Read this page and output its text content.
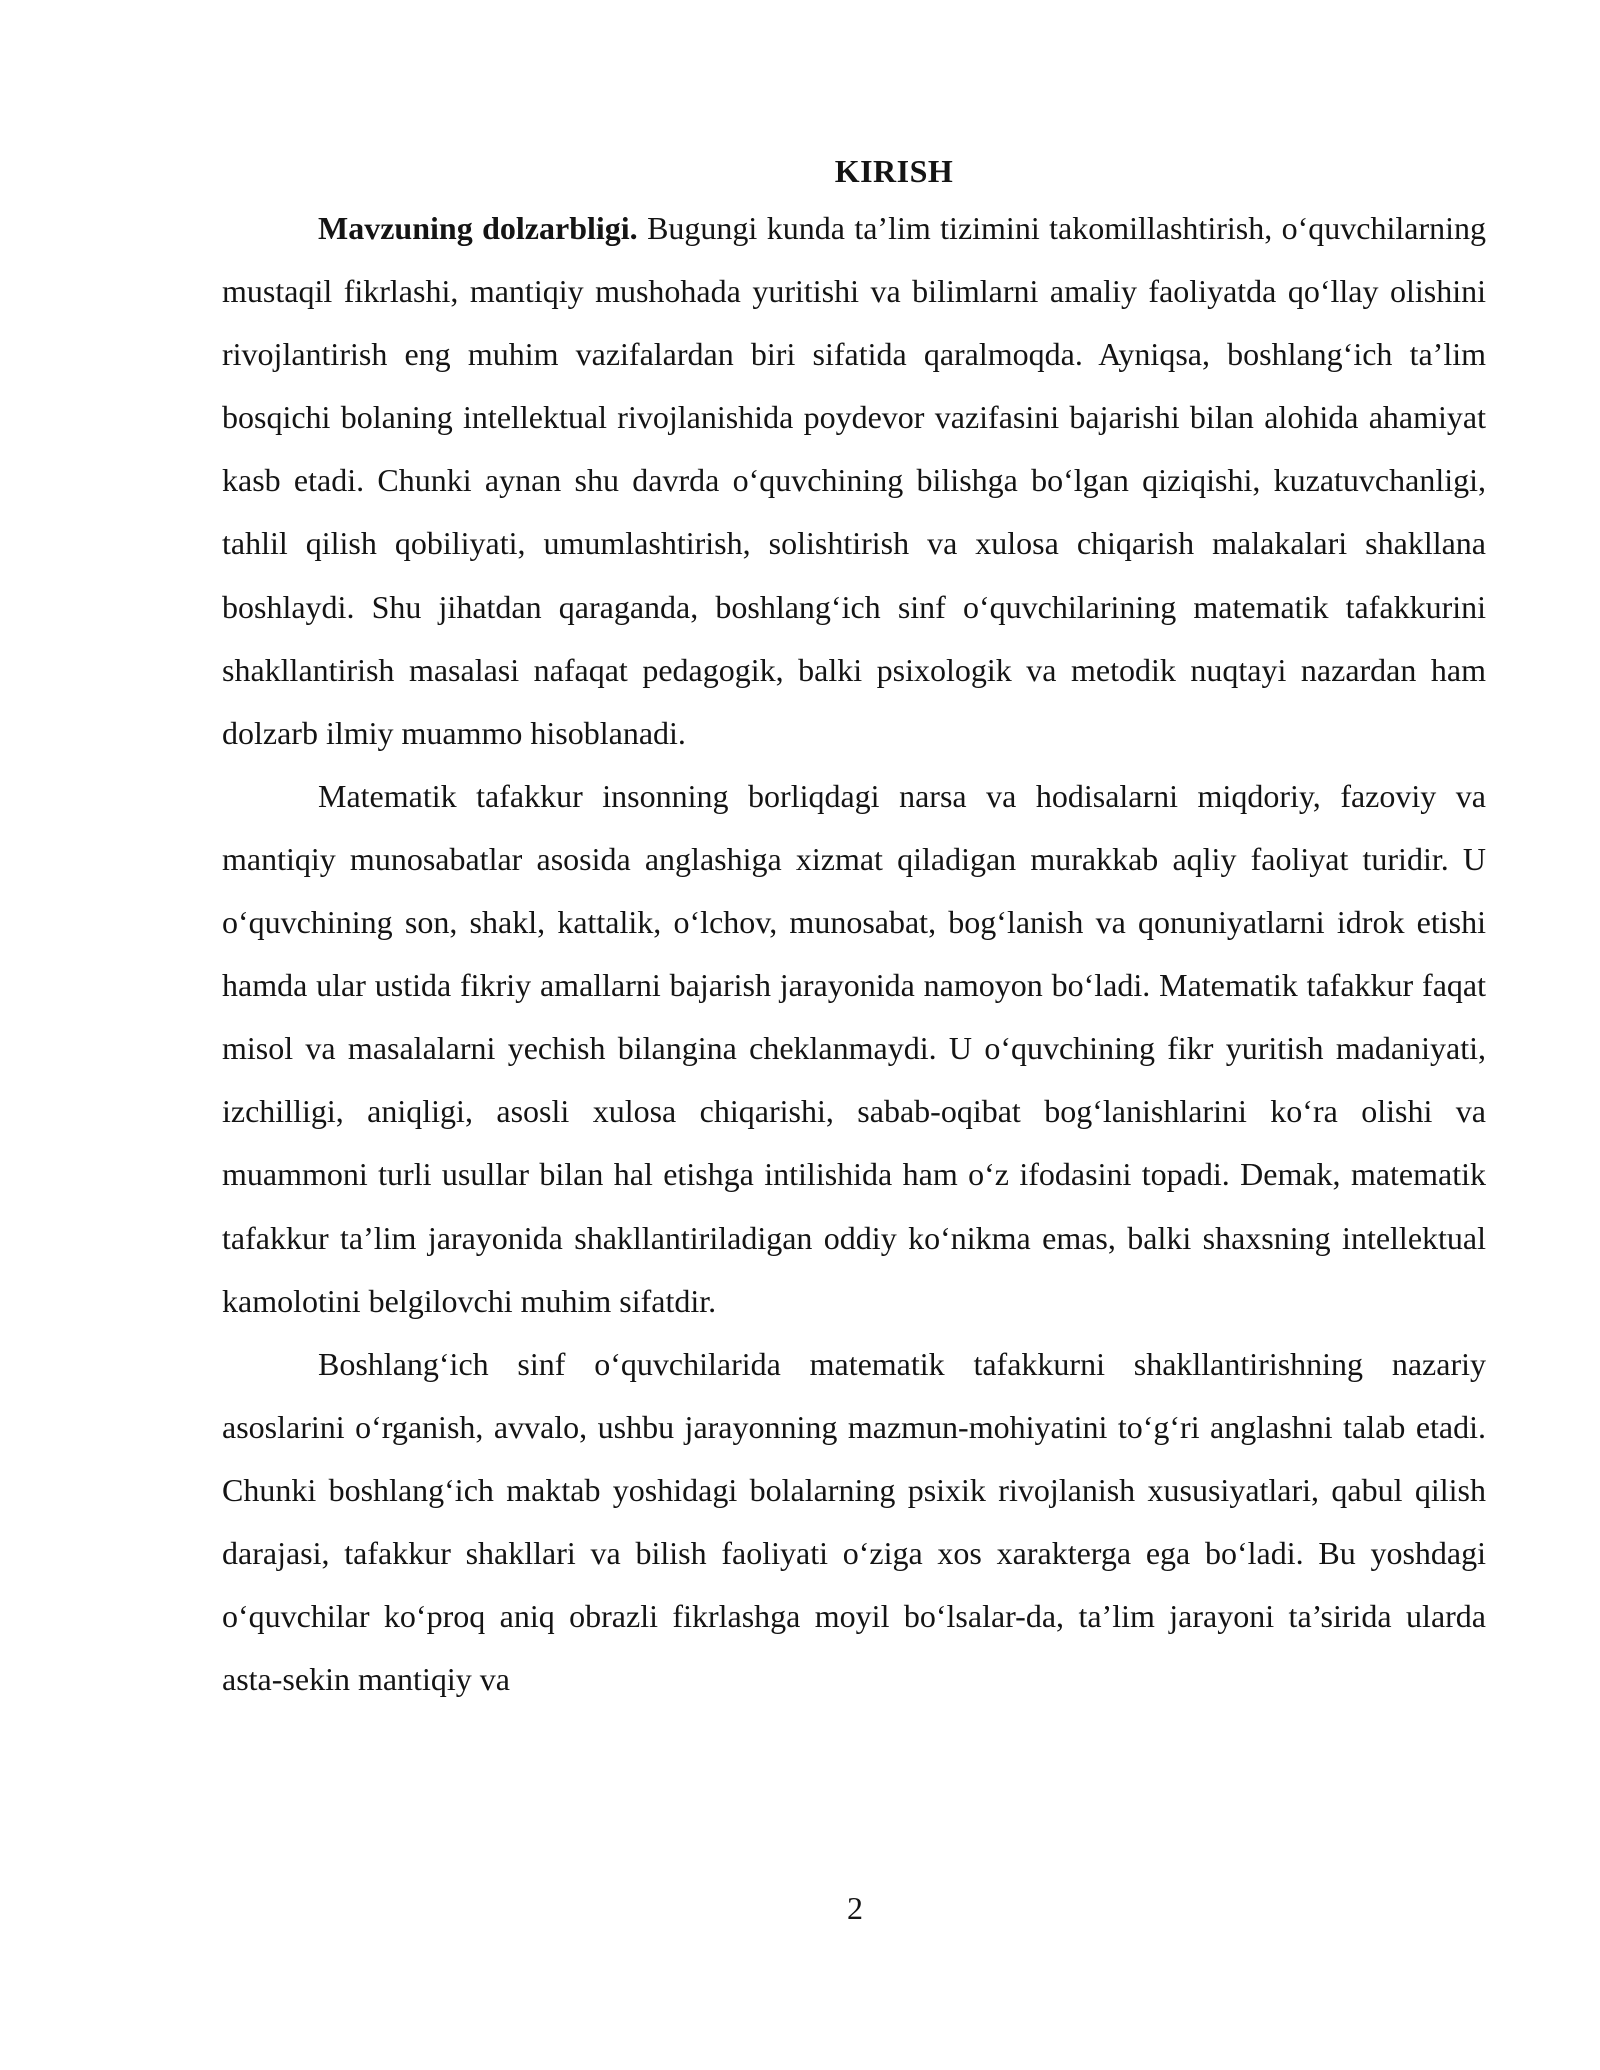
KIRISH

Mavzuning dolzarbligi. Bugungi kunda ta’lim tizimini takomillashtirish, o‘quvchilarning mustaqil fikrlashi, mantiqiy mushohada yuritishi va bilimlarni amaliy faoliyatda qo‘llay olishini rivojlantirish eng muhim vazifalardan biri sifatida qaralmoqda. Ayniqsa, boshlang‘ich ta’lim bosqichi bolaning intellektual rivojlanishida poydevor vazifasini bajarishi bilan alohida ahamiyat kasb etadi. Chunki aynan shu davrda o‘quvchining bilishga bo‘lgan qiziqishi, kuzatuvchanligi, tahlil qilish qobiliyati, umumlashtirish, solishtirish va xulosa chiqarish malakalari shakllana boshlaydi. Shu jihatdan qaraganda, boshlang‘ich sinf o‘quvchilarining matematik tafakkurini shakllantirish masalasi nafaqat pedagogik, balki psixologik va metodik nuqtayi nazardan ham dolzarb ilmiy muammo hisoblanadi.

Matematik tafakkur insonning borliqdagi narsa va hodisalarni miqdoriy, fazoviy va mantiqiy munosabatlar asosida anglashiga xizmat qiladigan murakkab aqliy faoliyat turidir. U o‘quvchining son, shakl, kattalik, o‘lchov, munosabat, bog‘lanish va qonuniyatlarni idrok etishi hamda ular ustida fikriy amallarni bajarish jarayonida namoyon bo‘ladi. Matematik tafakkur faqat misol va masalalarni yechish bilangina cheklanmaydi. U o‘quvchining fikr yuritish madaniyati, izchilligi, aniqligi, asosli xulosa chiqarishi, sabab-oqibat bog‘lanishlarini ko‘ra olishi va muammoni turli usullar bilan hal etishga intilishida ham o‘z ifodasini topadi. Demak, matematik tafakkur ta’lim jarayonida shakllantiriladigan oddiy ko‘nikma emas, balki shaxsning intellektual kamolotini belgilovchi muhim sifatdir.

Boshlang‘ich sinf o‘quvchilarida matematik tafakkurni shakllantirishning nazariy asoslarini o‘rganish, avvalo, ushbu jarayonning mazmun-mohiyatini to‘g‘ri anglashni talab etadi. Chunki boshlang‘ich maktab yoshidagi bolalarning psixik rivojlanish xususiyatlari, qabul qilish darajasi, tafakkur shakllari va bilish faoliyati o‘ziga xos xarakterga ega bo‘ladi. Bu yoshdagi o‘quvchilar ko‘proq aniq obrazli fikrlashga moyil bo‘lsalar-da, ta’lim jarayoni ta’sirida ularda asta-sekin mantiqiy va

2
